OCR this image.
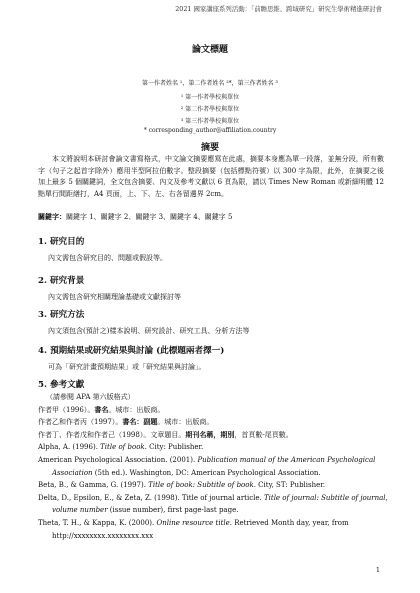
2021 國家講座系列活動：「前瞻思維、跨域研究」研究生學術精進研討會
論文標題
第一作者姓名 ¹，第二作者姓名 ²*，第三作者姓名 ³
¹ 第一作者學校與單位
² 第二作者學校與單位
³ 第三作者學校與單位
* corresponding_author@affiliation.country
摘要

本文將說明本研討會論文書寫格式，中文論文摘要應寫在此處，摘要本身應為單一段落，並無分段，所有數字（句子之起首字除外）應用半型阿拉伯數字。整段摘要（包括標點符號）以 300 字為限，此外，在摘要之後加上最多 5 個關鍵詞，全文包含摘要、內文及參考文獻以 6 頁為限，請以 Times New Roman 或新細明體 12 點單行間距繕打，A4 頁面，上、下、左、右各留邊界 2cm。

關鍵字：關鍵字 1、關鍵字 2、關鍵字 3、關鍵字 4、關鍵字 5
1. 研究目的
內文需包含研究目的、問題或假設等。
2. 研究背景
內文需包含研究相關理論基礎或文獻探討等
3. 研究方法
內文須包含(預計之)樣本說明、研究設計、研究工具、分析方法等
4. 預期結果或研究結果與討論 (此標題兩者擇一)
可為「研究計畫預期結果」或「研究結果與討論」。
5. 參考文獻
（請參閱 APA 第六版格式）
作者甲（1996）。書名。城市：出版商。
作者乙和作者丙（1997）。書名：副題。城市：出版商。
作者丁、作者戊和作者己（1998）。文章題目。期刊名稱，期別，首頁數-尾頁數。
Alpha, A. (1996). Title of book. City: Publisher.
American Psychological Association. (2001). Publication manual of the American Psychological Association (5th ed.). Washington, DC: American Psychological Association.
Beta, B., & Gamma, G. (1997). Title of book: Subtitle of book. City, ST: Publisher.
Delta, D., Epsilon, E., & Zeta, Z. (1998). Title of journal article. Title of journal: Subtitle of journal, volume number (issue number), first page-last page.
Theta, T. H., & Kappa, K. (2000). Online resource title. Retrieved Month day, year, from http://xxxxxxxx.xxxxxxxx.xxx
1
